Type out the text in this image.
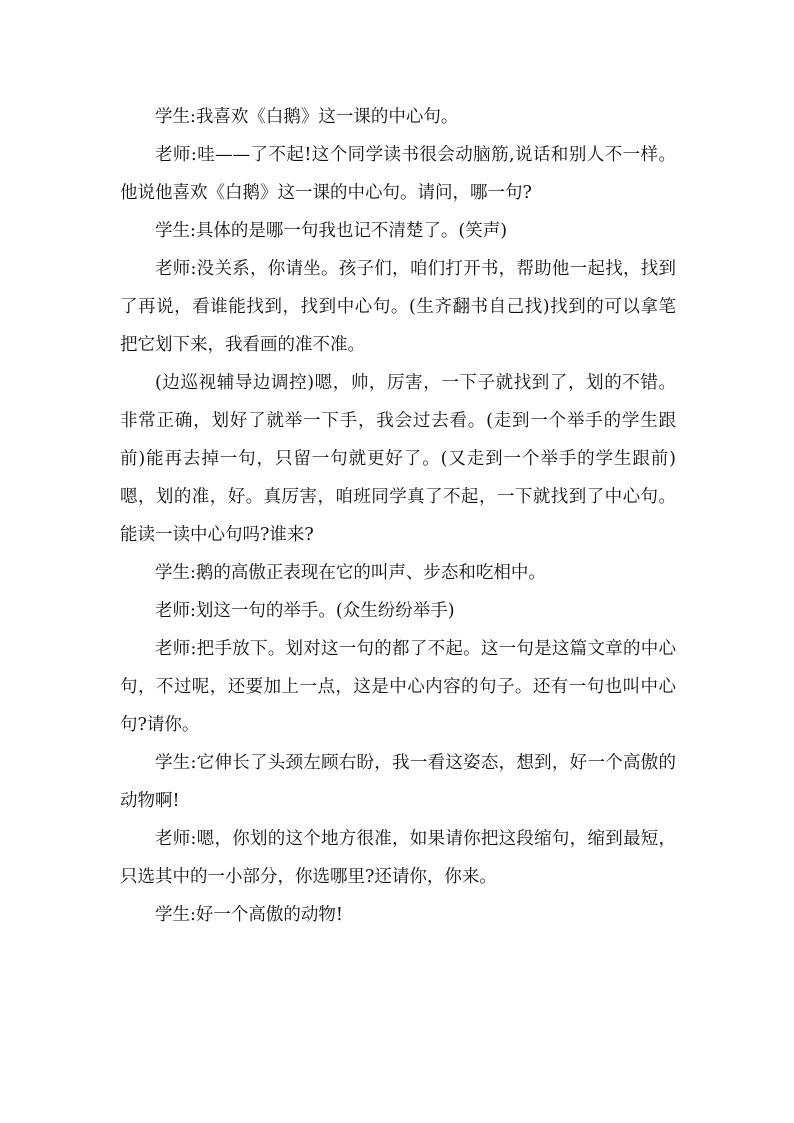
学生:我喜欢《白鹅》这一课的中心句。

老师:哇——了不起!这个同学读书很会动脑筋,说话和别人不一样。他说他喜欢《白鹅》这一课的中心句。请问，哪一句?

学生:具体的是哪一句我也记不清楚了。(笑声)

老师:没关系，你请坐。孩子们，咱们打开书，帮助他一起找，找到了再说，看谁能找到，找到中心句。(生齐翻书自己找)找到的可以拿笔把它划下来，我看画的准不准。

(边巡视辅导边调控)嗯，帅，厉害，一下子就找到了，划的不错。非常正确，划好了就举一下手，我会过去看。(走到一个举手的学生跟前)能再去掉一句，只留一句就更好了。(又走到一个举手的学生跟前)嗯，划的准，好。真厉害，咱班同学真了不起，一下就找到了中心句。能读一读中心句吗?谁来?

学生:鹅的高傲正表现在它的叫声、步态和吃相中。

老师:划这一句的举手。(众生纷纷举手)

老师:把手放下。划对这一句的都了不起。这一句是这篇文章的中心句，不过呢，还要加上一点，这是中心内容的句子。还有一句也叫中心句?请你。

学生:它伸长了头颈左顾右盼，我一看这姿态，想到，好一个高傲的动物啊!

老师:嗯，你划的这个地方很准，如果请你把这段缩句，缩到最短，只选其中的一小部分，你选哪里?还请你，你来。

学生:好一个高傲的动物!
